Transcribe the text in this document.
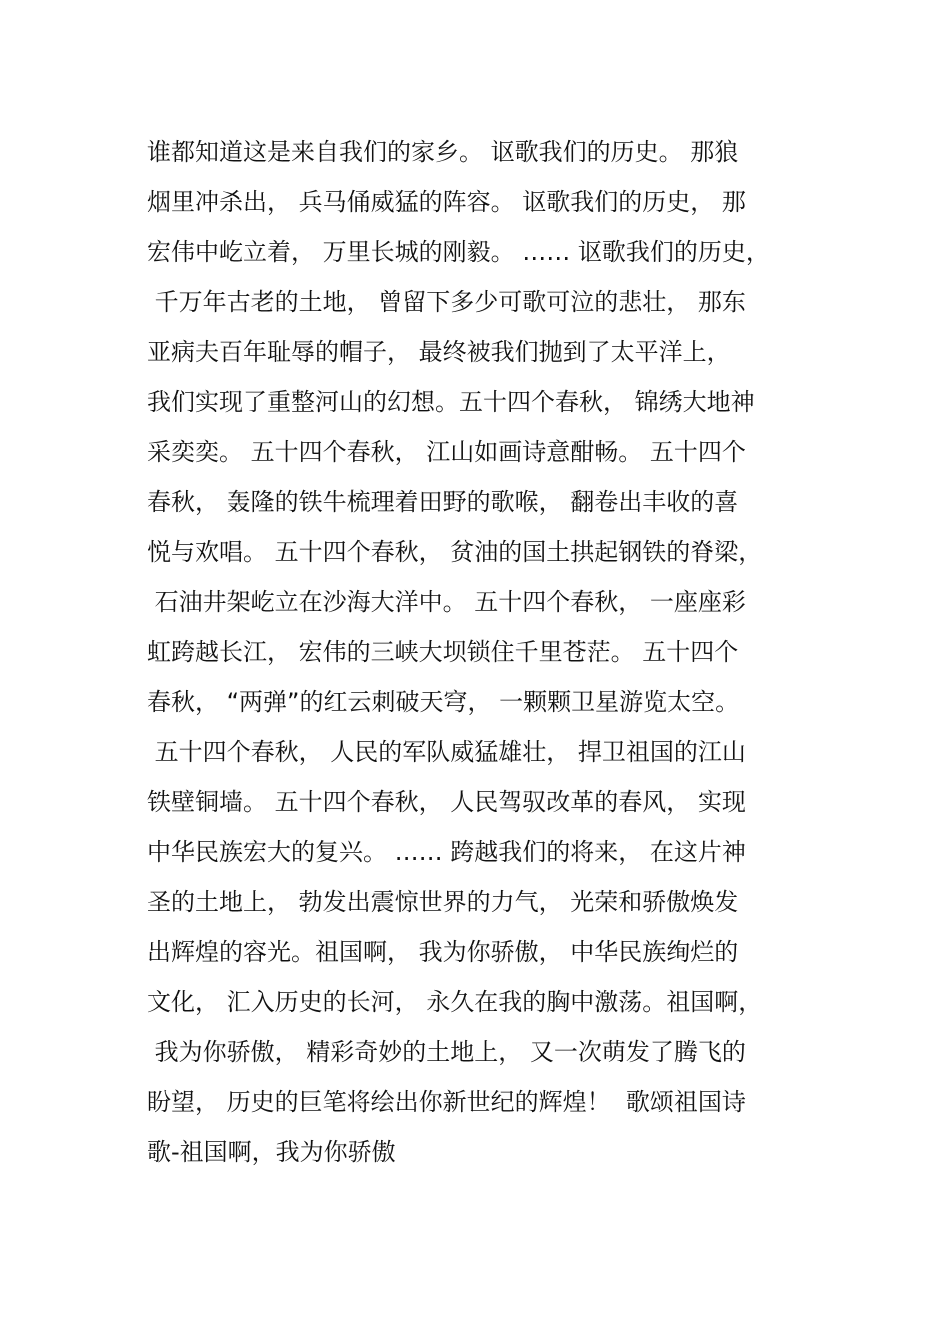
谁都知道这是来自我们的家乡。 讴歌我们的历史。 那狼
烟里冲杀出， 兵马俑威猛的阵容。 讴歌我们的历史， 那
宏伟中屹立着， 万里长城的刚毅。 …… 讴歌我们的历史，
千万年古老的土地， 曾留下多少可歌可泣的悲壮， 那东
亚病夫百年耻辱的帽子， 最终被我们抛到了太平洋上，
我们实现了重整河山的幻想。五十四个春秋， 锦绣大地神
采奕奕。 五十四个春秋， 江山如画诗意酣畅。 五十四个
春秋， 轰隆的铁牛梳理着田野的歌喉， 翻卷出丰收的喜
悦与欢唱。 五十四个春秋， 贫油的国土拱起钢铁的脊梁，
石油井架屹立在沙海大洋中。 五十四个春秋， 一座座彩
虹跨越长江， 宏伟的三峡大坝锁住千里苍茫。 五十四个
春秋， “两弹”的红云刺破天穹， 一颗颗卫星游览太空。
五十四个春秋， 人民的军队威猛雄壮， 捍卫祖国的江山
铁壁铜墙。 五十四个春秋， 人民驾驭改革的春风， 实现
中华民族宏大的复兴。 …… 跨越我们的将来， 在这片神
圣的土地上， 勃发出震惊世界的力气， 光荣和骄傲焕发
出辉煌的容光。祖国啊， 我为你骄傲， 中华民族绚烂的
文化， 汇入历史的长河， 永久在我的胸中激荡。祖国啊，
我为你骄傲， 精彩奇妙的土地上， 又一次萌发了腾飞的
盼望， 历史的巨笔将绘出你新世纪的辉煌！  歌颂祖国诗
歌-祖国啊，我为你骄傲
